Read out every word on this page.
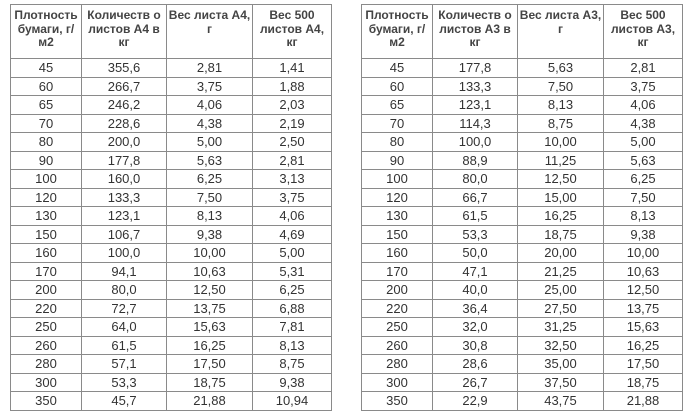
Плотность бумаги, г/м2	Количеств о листов А4 в кг	Вес листа А4, г	Вес 500 листов А4, кг
45	355,6	2,81	1,41
60	266,7	3,75	1,88
65	246,2	4,06	2,03
70	228,6	4,38	2,19
80	200,0	5,00	2,50
90	177,8	5,63	2,81
100	160,0	6,25	3,13
120	133,3	7,50	3,75
130	123,1	8,13	4,06
150	106,7	9,38	4,69
160	100,0	10,00	5,00
170	94,1	10,63	5,31
200	80,0	12,50	6,25
220	72,7	13,75	6,88
250	64,0	15,63	7,81
260	61,5	16,25	8,13
280	57,1	17,50	8,75
300	53,3	18,75	9,38
350	45,7	21,88	10,94
Плотность бумаги, г/м2	Количеств о листов А3 в кг	Вес листа А3, г	Вес 500 листов А3, кг
45	177,8	5,63	2,81
60	133,3	7,50	3,75
65	123,1	8,13	4,06
70	114,3	8,75	4,38
80	100,0	10,00	5,00
90	88,9	11,25	5,63
100	80,0	12,50	6,25
120	66,7	15,00	7,50
130	61,5	16,25	8,13
150	53,3	18,75	9,38
160	50,0	20,00	10,00
170	47,1	21,25	10,63
200	40,0	25,00	12,50
220	36,4	27,50	13,75
250	32,0	31,25	15,63
260	30,8	32,50	16,25
280	28,6	35,00	17,50
300	26,7	37,50	18,75
350	22,9	43,75	21,88
